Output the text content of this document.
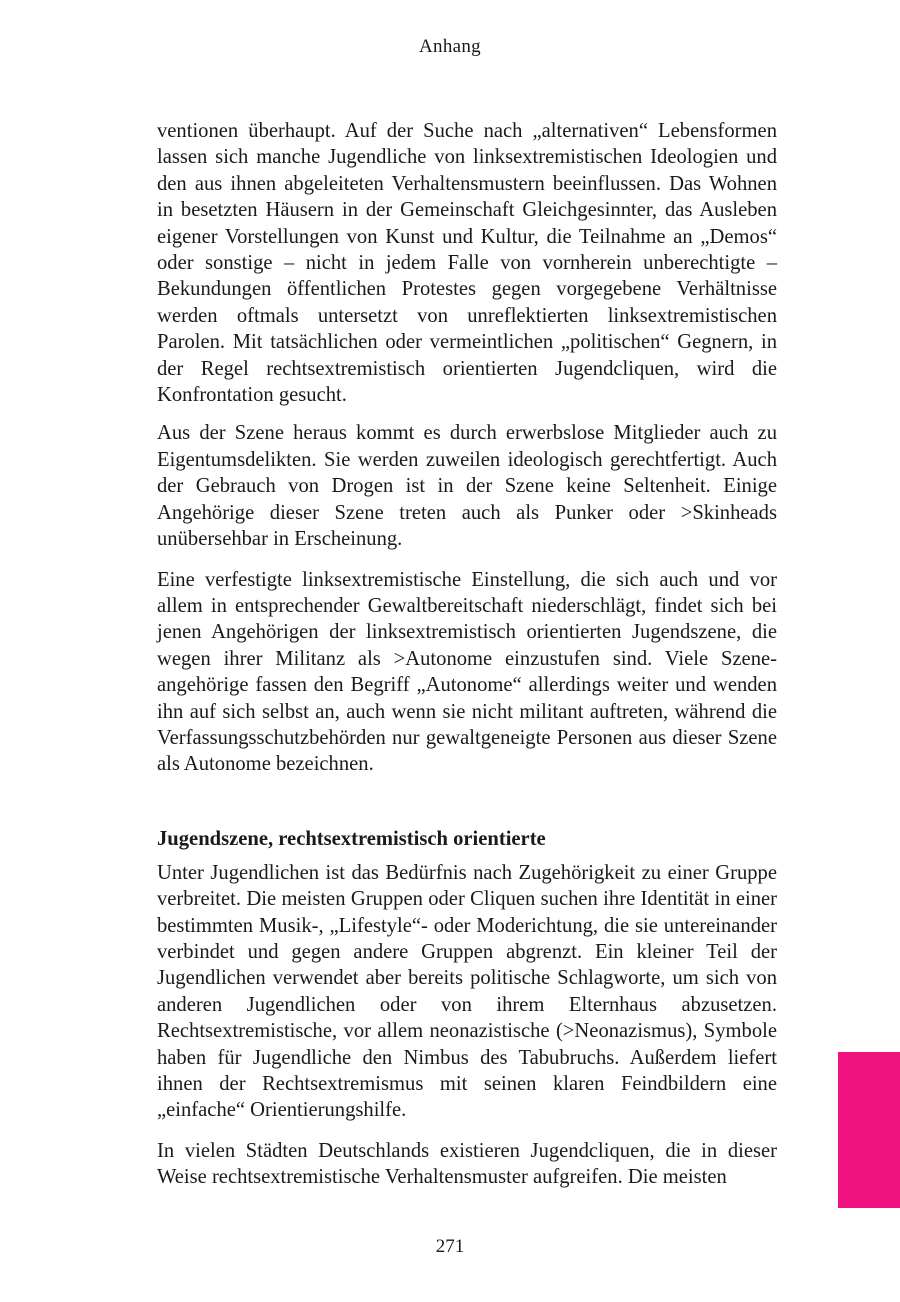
Anhang

ventionen überhaupt. Auf der Suche nach „alternativen“ Lebensformen lassen sich manche Jugendliche von linksextremistischen Ideologien und den aus ihnen abgeleiteten Verhaltensmustern beeinflussen. Das Wohnen in besetzten Häusern in der Gemeinschaft Gleichgesinnter, das Ausleben eigener Vorstellungen von Kunst und Kultur, die Teilnahme an „Demos“ oder sonstige – nicht in jedem Falle von vornherein unberechtigte – Bekundungen öffentlichen Protestes gegen vorgegebene Verhältnisse werden oftmals untersetzt von unreflektierten linksextremistischen Parolen. Mit tatsächlichen oder vermeintlichen „politischen“ Gegnern, in der Regel rechtsextremistisch orientierten Jugendcliquen, wird die Konfrontation gesucht.

Aus der Szene heraus kommt es durch erwerbslose Mitglieder auch zu Eigentumsdelikten. Sie werden zuweilen ideologisch gerechtfertigt. Auch der Gebrauch von Drogen ist in der Szene keine Seltenheit. Einige Angehörige dieser Szene treten auch als Punker oder >Skinheads unübersehbar in Erscheinung.

Eine verfestigte linksextremistische Einstellung, die sich auch und vor allem in entsprechender Gewaltbereitschaft niederschlägt, findet sich bei jenen Angehörigen der linksextremistisch orientierten Jugendszene, die wegen ihrer Militanz als >Autonome einzustufen sind. Viele Szeneangehörige fassen den Begriff „Autonome“ allerdings weiter und wenden ihn auf sich selbst an, auch wenn sie nicht militant auftreten, während die Verfassungsschutzbehörden nur gewaltgeneigte Personen aus dieser Szene als Autonome bezeichnen.

Jugendszene, rechtsextremistisch orientierte

Unter Jugendlichen ist das Bedürfnis nach Zugehörigkeit zu einer Gruppe verbreitet. Die meisten Gruppen oder Cliquen suchen ihre Identität in einer bestimmten Musik-, „Lifestyle“- oder Moderichtung, die sie untereinander verbindet und gegen andere Gruppen abgrenzt. Ein kleiner Teil der Jugendlichen verwendet aber bereits politische Schlagworte, um sich von anderen Jugendlichen oder von ihrem Elternhaus abzusetzen. Rechtsextremistische, vor allem neonazistische (>Neonazismus), Symbole haben für Jugendliche den Nimbus des Tabubruchs. Außerdem liefert ihnen der Rechtsextremismus mit seinen klaren Feindbildern eine „einfache“ Orientierungshilfe.

In vielen Städten Deutschlands existieren Jugendcliquen, die in dieser Weise rechtsextremistische Verhaltensmuster aufgreifen. Die meisten

271
